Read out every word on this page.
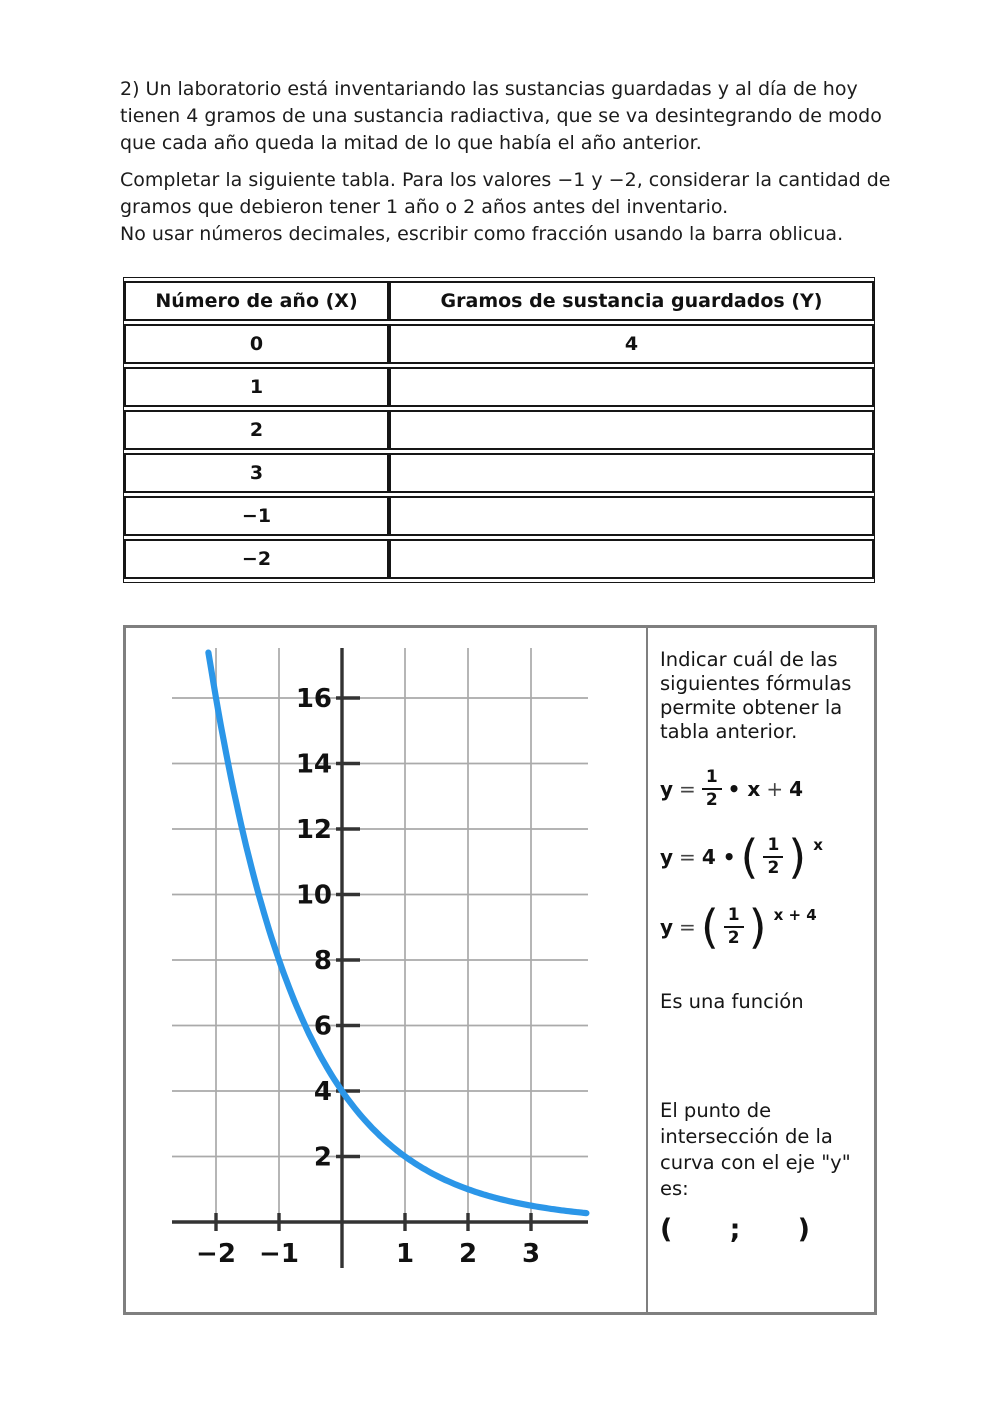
2) Un laboratorio está inventariando las sustancias guardadas y al día de hoy
tienen 4 gramos de una sustancia radiactiva, que se va desintegrando de modo
que cada año queda la mitad de lo que había el año anterior.
Completar la siguiente tabla. Para los valores −1 y −2, considerar la cantidad de
gramos que debieron tener 1 año o 2 años antes del inventario.
No usar números decimales, escribir como fracción usando la barra oblicua.
Número de año (X)	Gramos de sustancia guardados (Y)
0	4
1	
2	
3	
−1	
−2	
2
4
6
8
10
12
14
16
−2 −1	1 2 3
Indicar cuál de las
siguientes fórmulas
permite obtener la
tabla anterior.
$y = \frac{1}{2}$ • x + 4
y = 4 • ( $\frac{1}{2}$ ) x
y = ( $\frac{1}{2}$ ) x + 4
Es una función
El punto de
intersección de la
curva con el eje "y"
es:
( ; )
